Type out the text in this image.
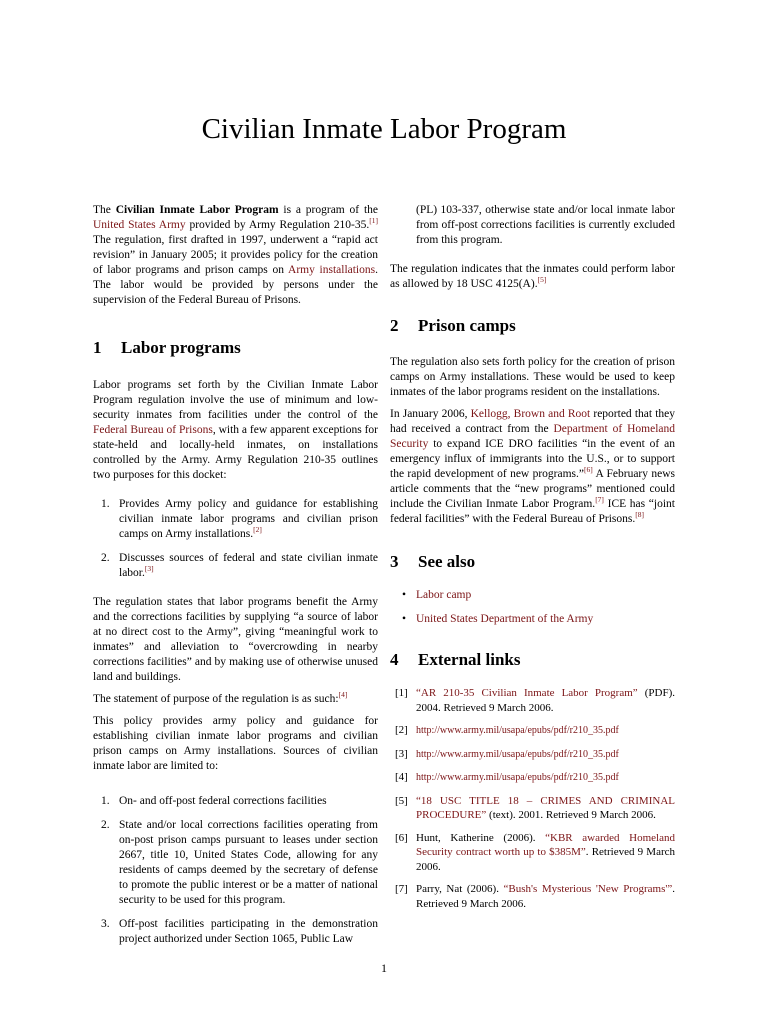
Civilian Inmate Labor Program

The Civilian Inmate Labor Program is a program of the United States Army provided by Army Regulation 210-35.[1] The regulation, first drafted in 1997, underwent a “rapid act revision” in January 2005; it provides policy for the creation of labor programs and prison camps on Army installations. The labor would be provided by persons under the supervision of the Federal Bureau of Prisons.

1 Labor programs

Labor programs set forth by the Civilian Inmate Labor Program regulation involve the use of minimum and low-security inmates from facilities under the control of the Federal Bureau of Prisons, with a few apparent exceptions for state-held and locally-held inmates, on installations controlled by the Army. Army Regulation 210-35 outlines two purposes for this docket:

1. Provides Army policy and guidance for establishing civilian inmate labor programs and civilian prison camps on Army installations.[2]
2. Discusses sources of federal and state civilian inmate labor.[3]

The regulation states that labor programs benefit the Army and the corrections facilities by supplying “a source of labor at no direct cost to the Army”, giving “meaningful work to inmates” and alleviation to “overcrowding in nearby corrections facilities” and by making use of otherwise unused land and buildings.

The statement of purpose of the regulation is as such:[4]

This policy provides army policy and guidance for establishing civilian inmate labor programs and civilian prison camps on Army installations. Sources of civilian inmate labor are limited to:

1. On- and off-post federal corrections facilities
2. State and/or local corrections facilities operating from on-post prison camps pursuant to leases under section 2667, title 10, United States Code, allowing for any residents of camps deemed by the secretary of defense to promote the public interest or be a matter of national security to be used for this program.
3. Off-post facilities participating in the demonstration project authorized under Section 1065, Public Law

(PL) 103-337, otherwise state and/or local inmate labor from off-post corrections facilities is currently excluded from this program.

The regulation indicates that the inmates could perform labor as allowed by 18 USC 4125(A).[5]

2 Prison camps

The regulation also sets forth policy for the creation of prison camps on Army installations. These would be used to keep inmates of the labor programs resident on the installations.

In January 2006, Kellogg, Brown and Root reported that they had received a contract from the Department of Homeland Security to expand ICE DRO facilities “in the event of an emergency influx of immigrants into the U.S., or to support the rapid development of new programs.”[6] A February news article comments that the “new programs” mentioned could include the Civilian Inmate Labor Program.[7] ICE has “joint federal facilities” with the Federal Bureau of Prisons.[8]

3 See also
• Labor camp
• United States Department of the Army
4 External links
[1] “AR 210-35 Civilian Inmate Labor Program” (PDF). 2004. Retrieved 9 March 2006.
[2] http://www.army.mil/usapa/epubs/pdf/r210_35.pdf
[3] http://www.army.mil/usapa/epubs/pdf/r210_35.pdf
[4] http://www.army.mil/usapa/epubs/pdf/r210_35.pdf
[5] “18 USC TITLE 18 – CRIMES AND CRIMINAL PROCEDURE” (text). 2001. Retrieved 9 March 2006.
[6] Hunt, Katherine (2006). “KBR awarded Homeland Security contract worth up to $385M”. Retrieved 9 March 2006.
[7] Parry, Nat (2006). “Bush's Mysterious 'New Programs'”. Retrieved 9 March 2006.
1
